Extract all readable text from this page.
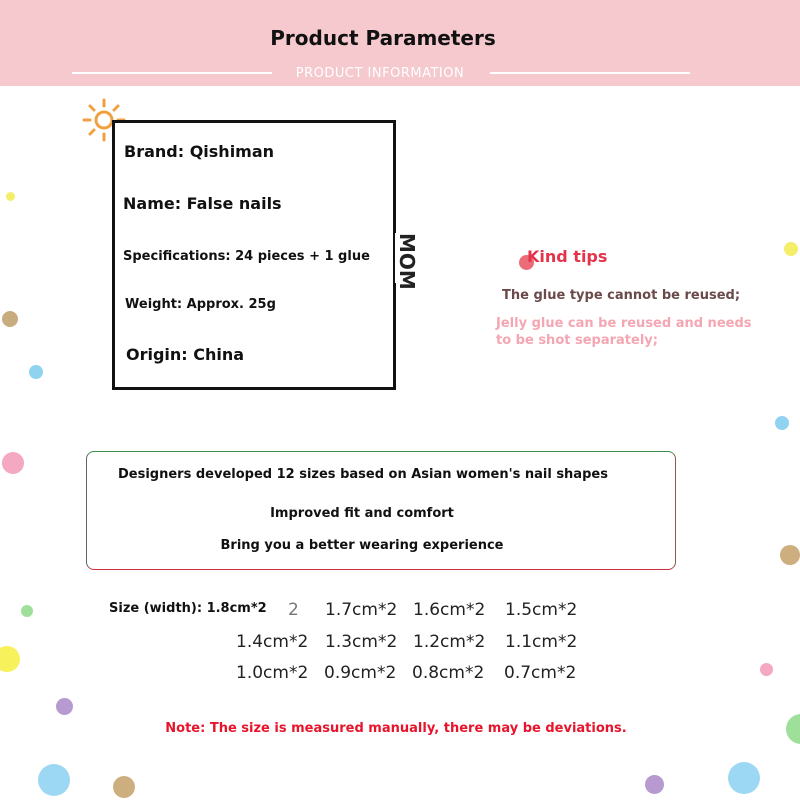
Product Parameters
PRODUCT INFORMATION
Brand: Qishiman
Name: False nails
Specifications: 24 pieces + 1 glue
Weight: Approx. 25g
Origin: China
MOM	Kind tips
The glue type cannot be reused;
Jelly glue can be reused and needs to be shot separately;
Designers developed 12 sizes based on Asian women's nail shapes
Improved fit and comfort
Bring you a better wearing experience
Size (width): 1.8cm*2 2 1.7cm*2 1.6cm*2 1.5cm*2
1.4cm*2 1.3cm*2 1.2cm*2 1.1cm*2
1.0cm*2 0.9cm*2 0.8cm*2 0.7cm*2
Note: The size is measured manually, there may be deviations.
